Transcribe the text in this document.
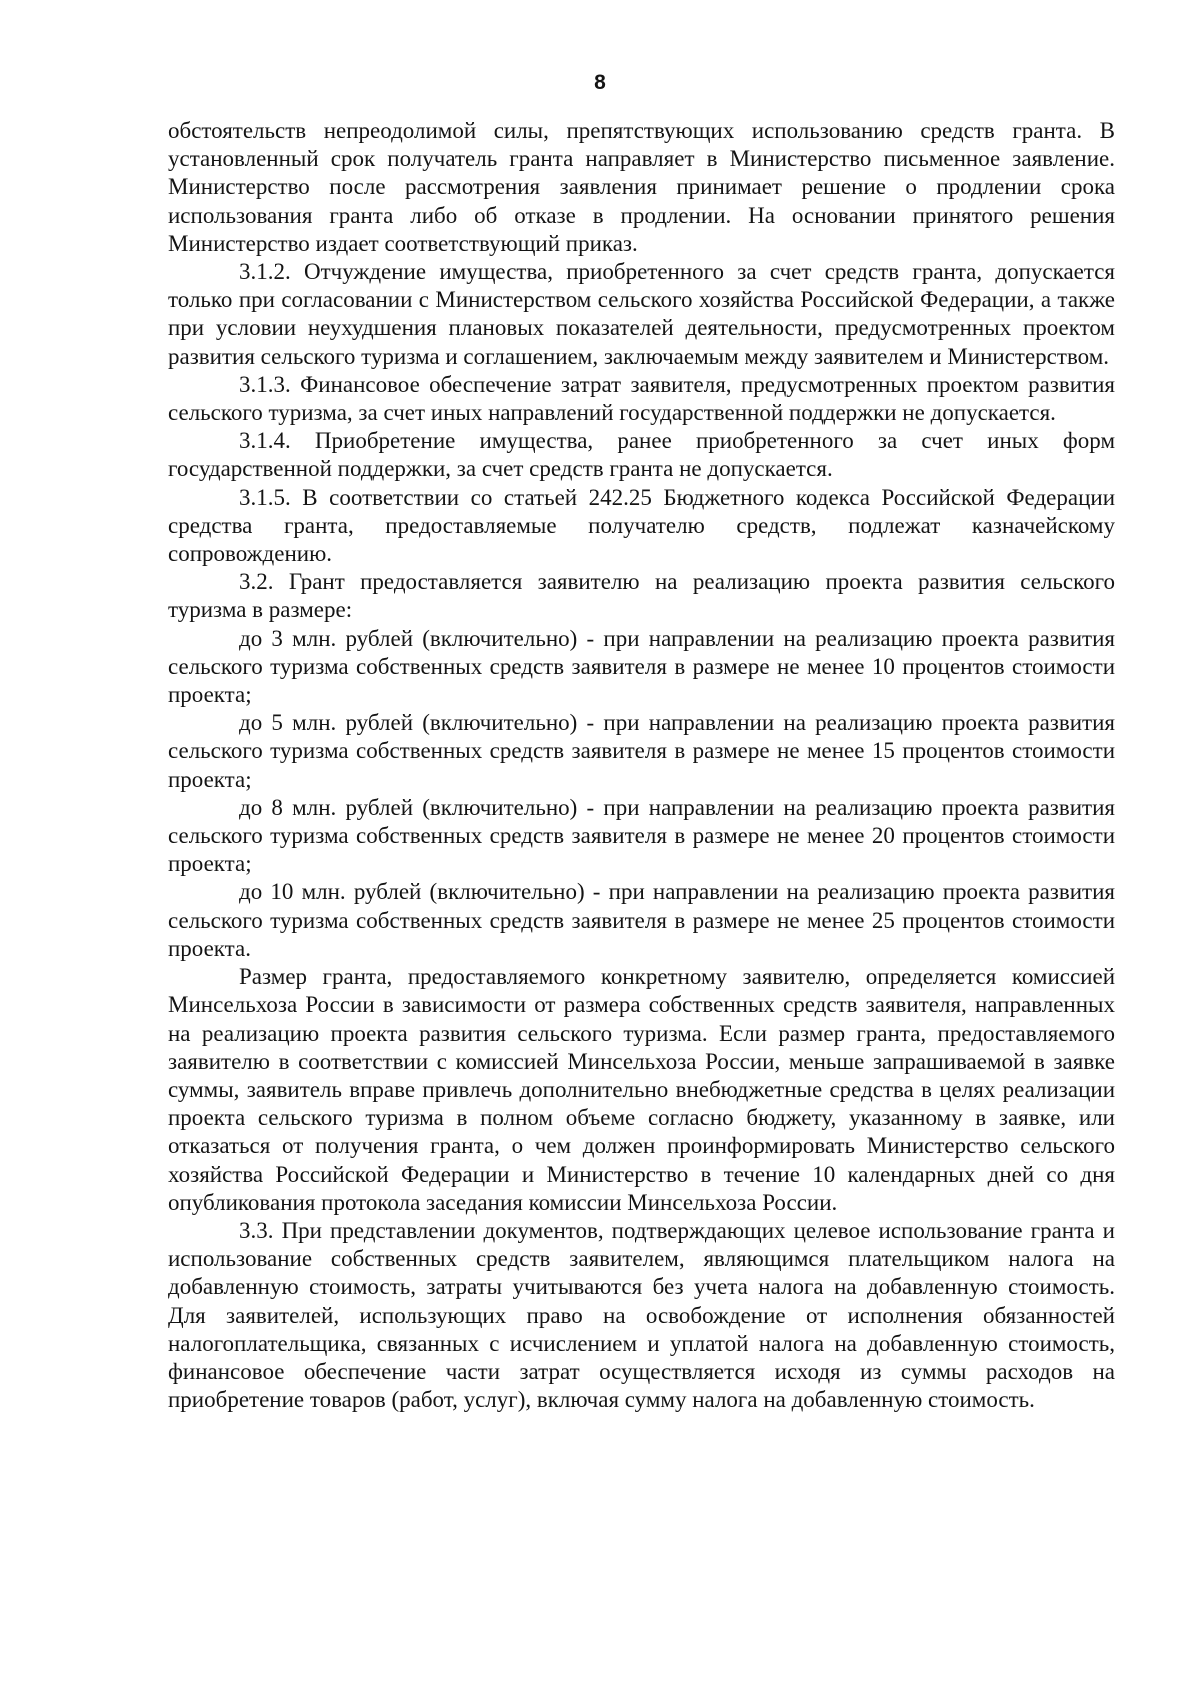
8

обстоятельств непреодолимой силы, препятствующих использованию средств гранта. В установленный срок получатель гранта направляет в Министерство письменное заявление. Министерство после рассмотрения заявления принимает решение о продлении срока использования гранта либо об отказе в продлении. На основании принятого решения Министерство издает соответствующий приказ.

3.1.2. Отчуждение имущества, приобретенного за счет средств гранта, допускается только при согласовании с Министерством сельского хозяйства Российской Федерации, а также при условии неухудшения плановых показателей деятельности, предусмотренных проектом развития сельского туризма и соглашением, заключаемым между заявителем и Министерством.

3.1.3. Финансовое обеспечение затрат заявителя, предусмотренных проектом развития сельского туризма, за счет иных направлений государственной поддержки не допускается.

3.1.4. Приобретение имущества, ранее приобретенного за счет иных форм государственной поддержки, за счет средств гранта не допускается.

3.1.5. В соответствии со статьей 242.25 Бюджетного кодекса Российской Федерации средства гранта, предоставляемые получателю средств, подлежат казначейскому сопровождению.

3.2. Грант предоставляется заявителю на реализацию проекта развития сельского туризма в размере:

до 3 млн. рублей (включительно) - при направлении на реализацию проекта развития сельского туризма собственных средств заявителя в размере не менее 10 процентов стоимости проекта;

до 5 млн. рублей (включительно) - при направлении на реализацию проекта развития сельского туризма собственных средств заявителя в размере не менее 15 процентов стоимости проекта;

до 8 млн. рублей (включительно) - при направлении на реализацию проекта развития сельского туризма собственных средств заявителя в размере не менее 20 процентов стоимости проекта;

до 10 млн. рублей (включительно) - при направлении на реализацию проекта развития сельского туризма собственных средств заявителя в размере не менее 25 процентов стоимости проекта.

Размер гранта, предоставляемого конкретному заявителю, определяется комиссией Минсельхоза России в зависимости от размера собственных средств заявителя, направленных на реализацию проекта развития сельского туризма. Если размер гранта, предоставляемого заявителю в соответствии с комиссией Минсельхоза России, меньше запрашиваемой в заявке суммы, заявитель вправе привлечь дополнительно внебюджетные средства в целях реализации проекта сельского туризма в полном объеме согласно бюджету, указанному в заявке, или отказаться от получения гранта, о чем должен проинформировать Министерство сельского хозяйства Российской Федерации и Министерство в течение 10 календарных дней со дня опубликования протокола заседания комиссии Минсельхоза России.

3.3. При представлении документов, подтверждающих целевое использование гранта и использование собственных средств заявителем, являющимся плательщиком налога на добавленную стоимость, затраты учитываются без учета налога на добавленную стоимость. Для заявителей, использующих право на освобождение от исполнения обязанностей налогоплательщика, связанных с исчислением и уплатой налога на добавленную стоимость, финансовое обеспечение части затрат осуществляется исходя из суммы расходов на приобретение товаров (работ, услуг), включая сумму налога на добавленную стоимость.
